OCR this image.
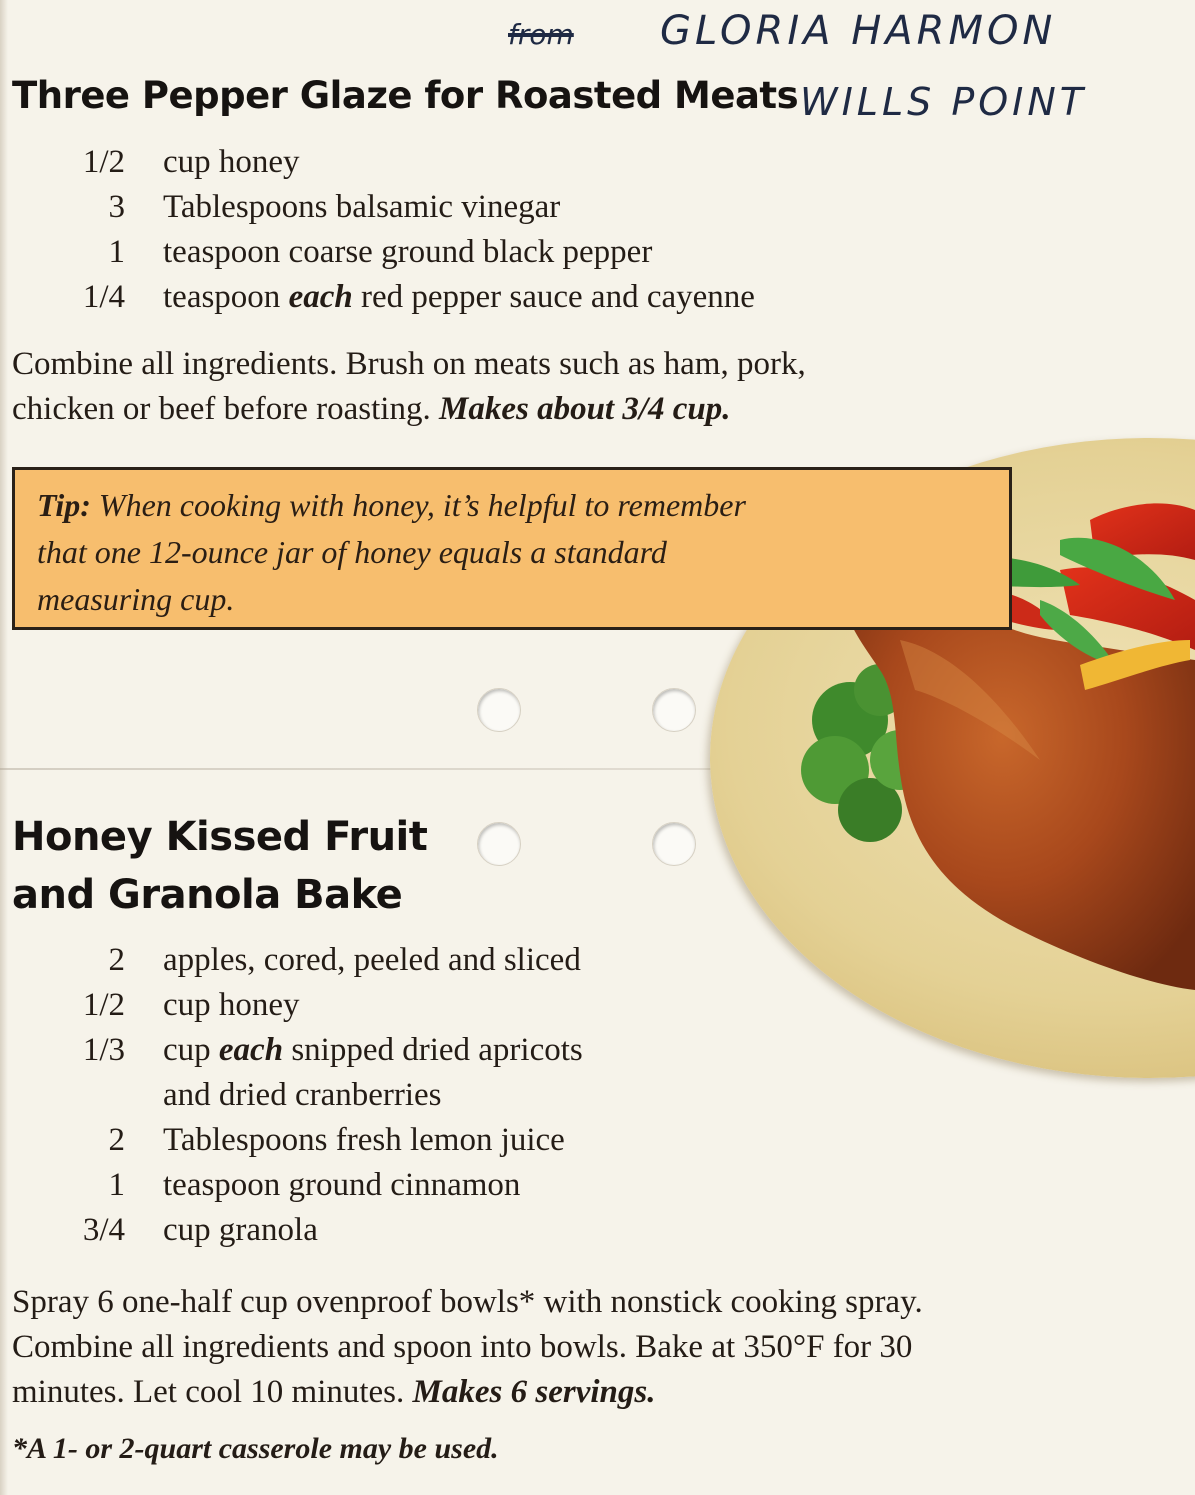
from GLORIA HARMON
WILLS POINT
Three Pepper Glaze for Roasted Meats
1/2 cup honey
3 Tablespoons balsamic vinegar
1 teaspoon coarse ground black pepper
1/4 teaspoon each red pepper sauce and cayenne
Combine all ingredients. Brush on meats such as ham, pork,
chicken or beef before roasting. Makes about 3/4 cup.
Tip: When cooking with honey, it’s helpful to remember
that one 12-ounce jar of honey equals a standard
measuring cup.
Honey Kissed Fruit
and Granola Bake
2 apples, cored, peeled and sliced
1/2 cup honey
1/3 cup each snipped dried apricots
and dried cranberries
2 Tablespoons fresh lemon juice
1 teaspoon ground cinnamon
3/4 cup granola
Spray 6 one-half cup ovenproof bowls* with nonstick cooking spray.
Combine all ingredients and spoon into bowls. Bake at 350°F for 30
minutes. Let cool 10 minutes. Makes 6 servings.
*A 1- or 2-quart casserole may be used.
